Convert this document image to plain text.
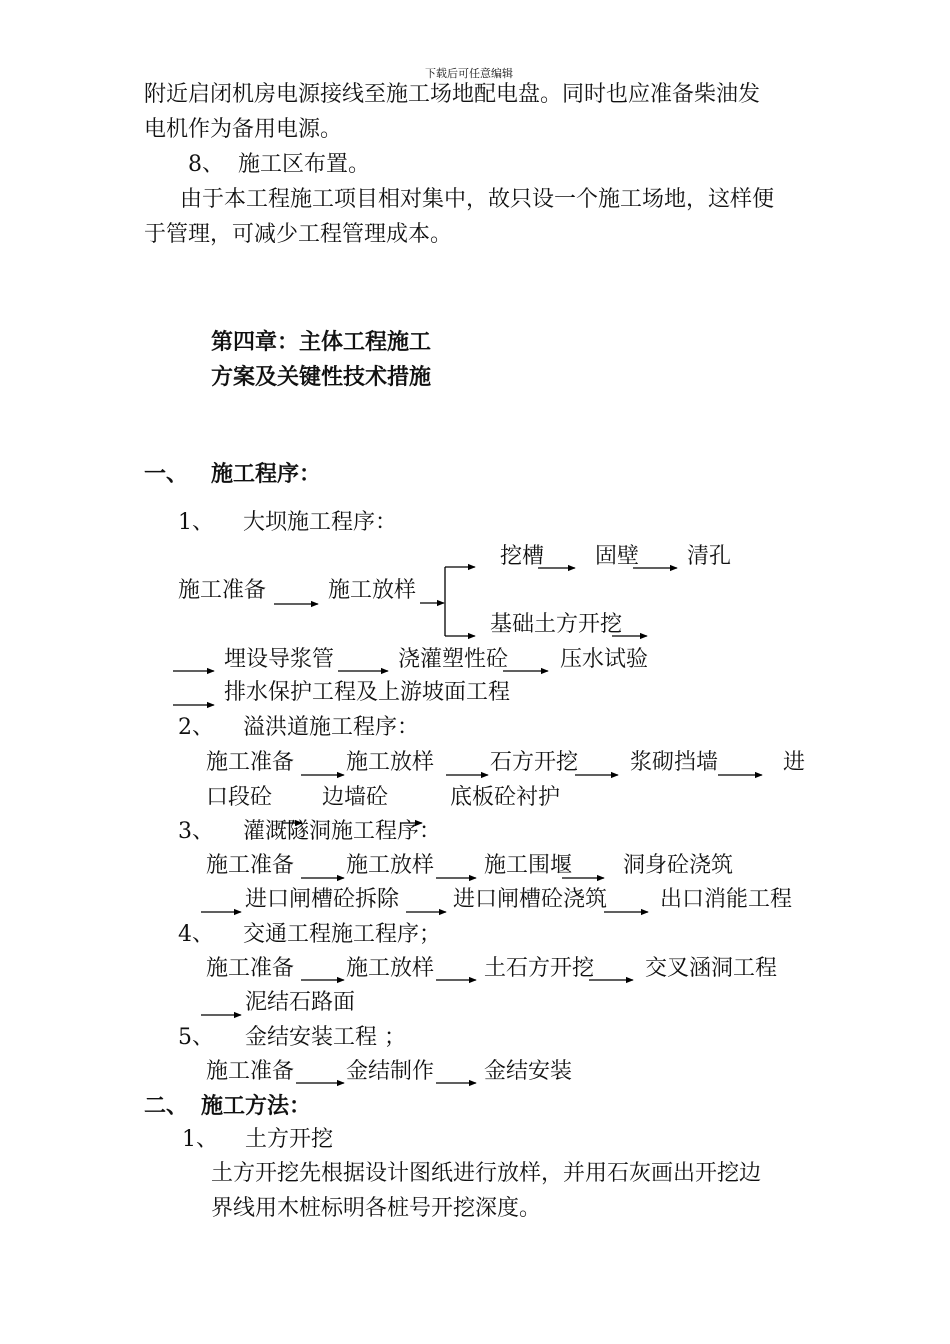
下载后可任意编辑
附近启闭机房电源接线至施工场地配电盘。同时也应准备柴油发
电机作为备用电源。
8、 施工区布置。
由于本工程施工项目相对集中，故只设一个施工场地，这样便
于管理，可减少工程管理成本。
第四章：主体工程施工
方案及关键性技术措施
一、 施工程序：
1、 大坝施工程序：
挖槽 固壁 清孔
施工准备	施工放样
基础土方开挖
埋设导浆管	浇灌塑性砼 压水试验
排水保护工程及上游坡面工程
2、 溢洪道施工程序：
施工准备 施工放样	石方开挖 浆砌挡墙	进
口段砼 边墙砼	底板砼衬护
3、 灌溉隧洞施工程序：
施工准备 施工放样 施工围堰 洞身砼浇筑
进口闸槽砼拆除 进口闸槽砼浇筑 出口消能工程
4、 交通工程施工程序；
施工准备 施工放样 土石方开挖 交叉涵洞工程
泥结石路面
5、 金结安装工程 ；
施工准备 金结制作 金结安装
二、 施工方法：
1、 土方开挖
土方开挖先根据设计图纸进行放样，并用石灰画出开挖边
界线用木桩标明各桩号开挖深度。
